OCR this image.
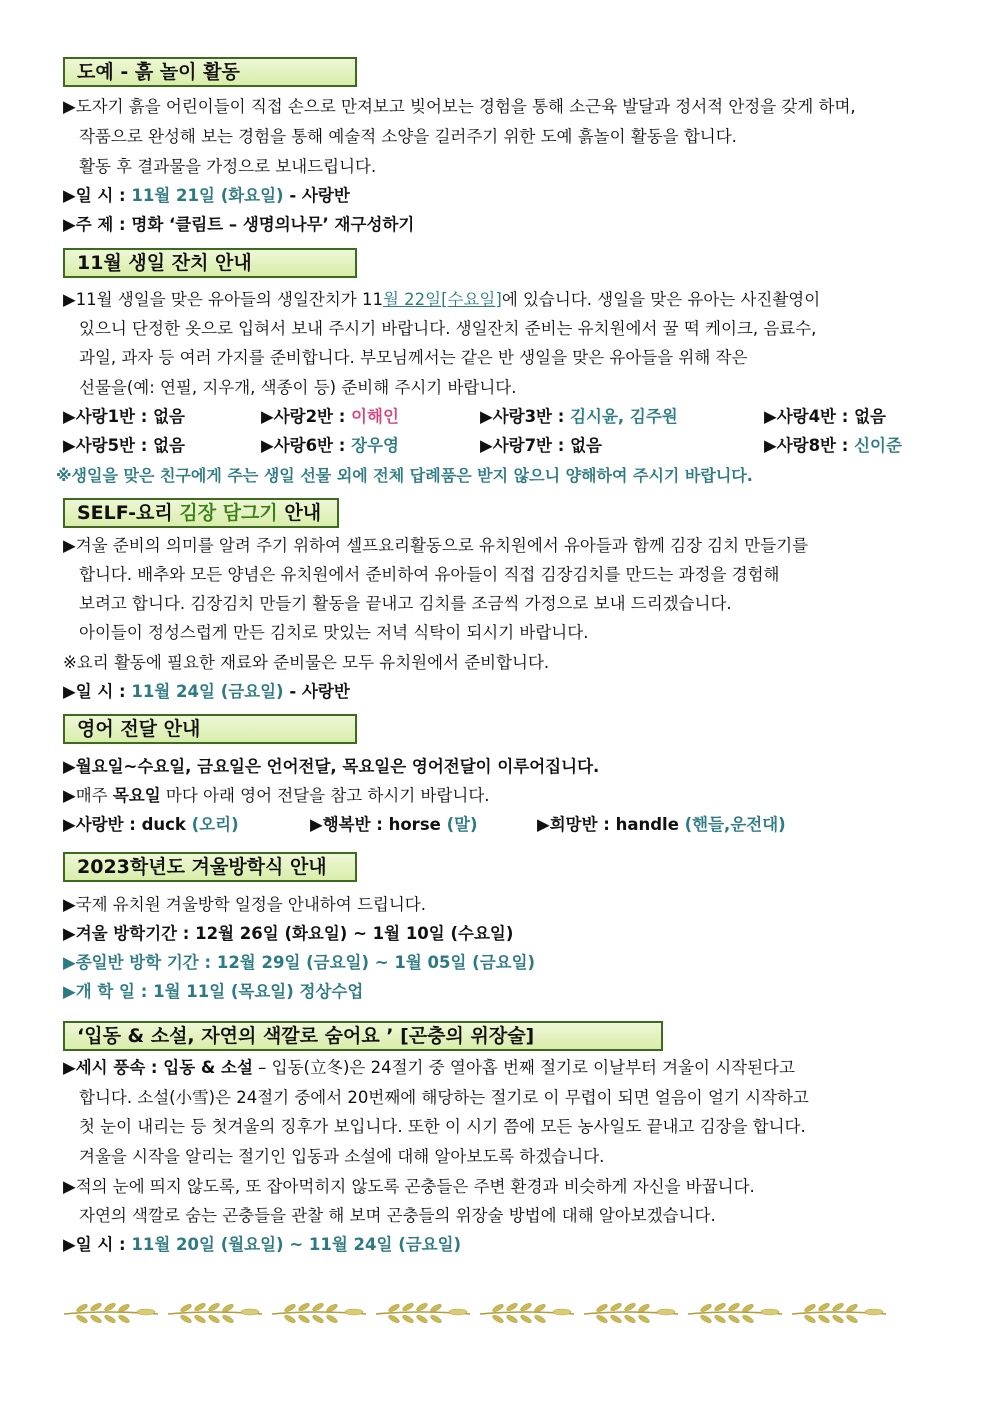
도예 - 흙 놀이 활동
▶도자기 흙을 어린이들이 직접 손으로 만져보고 빚어보는 경험을 통해 소근육 발달과 정서적 안정을 갖게 하며,
작품으로 완성해 보는 경험을 통해 예술적 소양을 길러주기 위한 도예 흙놀이 활동을 합니다.
활동 후 결과물을 가정으로 보내드립니다.
▶일 시 : 11월 21일 (화요일) - 사랑반
▶주 제 : 명화 ‘클림트 – 생명의나무’ 재구성하기
11월 생일 잔치 안내
▶11월 생일을 맞은 유아들의 생일잔치가 11월 22일[수요일]에 있습니다. 생일을 맞은 유아는 사진촬영이
있으니 단정한 옷으로 입혀서 보내 주시기 바랍니다. 생일잔치 준비는 유치원에서 꿀 떡 케이크, 음료수,
과일, 과자 등 여러 가지를 준비합니다. 부모님께서는 같은 반 생일을 맞은 유아들을 위해 작은
선물을(예: 연필, 지우개, 색종이 등) 준비해 주시기 바랍니다.
▶사랑1반 : 없음	▶사랑2반 : 이해인	▶사랑3반 : 김시윤, 김주원	▶사랑4반 : 없음
▶사랑5반 : 없음	▶사랑6반 : 장우영	▶사랑7반 : 없음	▶사랑8반 : 신이준
※생일을 맞은 친구에게 주는 생일 선물 외에 전체 답례품은 받지 않으니 양해하여 주시기 바랍니다.
SELF-요리 김장 담그기 안내
▶겨울 준비의 의미를 알려 주기 위하여 셀프요리활동으로 유치원에서 유아들과 함께 김장 김치 만들기를
합니다. 배추와 모든 양념은 유치원에서 준비하여 유아들이 직접 김장김치를 만드는 과정을 경험해
보려고 합니다. 김장김치 만들기 활동을 끝내고 김치를 조금씩 가정으로 보내 드리겠습니다.
아이들이 정성스럽게 만든 김치로 맛있는 저녁 식탁이 되시기 바랍니다.
※요리 활동에 필요한 재료와 준비물은 모두 유치원에서 준비합니다.
▶일 시 : 11월 24일 (금요일) - 사랑반
영어 전달 안내
▶월요일~수요일, 금요일은 언어전달, 목요일은 영어전달이 이루어집니다.
▶매주 목요일 마다 아래 영어 전달을 참고 하시기 바랍니다.
▶사랑반 : duck (오리)	▶행복반 : horse (말)	▶희망반 : handle (핸들,운전대)
2023학년도 겨울방학식 안내
▶국제 유치원 겨울방학 일정을 안내하여 드립니다.
▶겨울 방학기간 : 12월 26일 (화요일) ~ 1월 10일 (수요일)
▶종일반 방학 기간 : 12월 29일 (금요일) ~ 1월 05일 (금요일)
▶개 학 일 : 1월 11일 (목요일) 정상수업
‘입동 & 소설, 자연의 색깔로 숨어요 ’ [곤충의 위장술]
▶세시 풍속 : 입동 & 소설 – 입동(立冬)은 24절기 중 열아홉 번째 절기로 이날부터 겨울이 시작된다고
합니다. 소설(小雪)은 24절기 중에서 20번째에 해당하는 절기로 이 무렵이 되면 얼음이 얼기 시작하고
첫 눈이 내리는 등 첫겨울의 징후가 보입니다. 또한 이 시기 쯤에 모든 농사일도 끝내고 김장을 합니다.
겨울을 시작을 알리는 절기인 입동과 소설에 대해 알아보도록 하겠습니다.
▶적의 눈에 띄지 않도록, 또 잡아먹히지 않도록 곤충들은 주변 환경과 비슷하게 자신을 바꿉니다.
자연의 색깔로 숨는 곤충들을 관찰 해 보며 곤충들의 위장술 방법에 대해 알아보겠습니다.
▶일 시 : 11월 20일 (월요일) ~ 11월 24일 (금요일)
